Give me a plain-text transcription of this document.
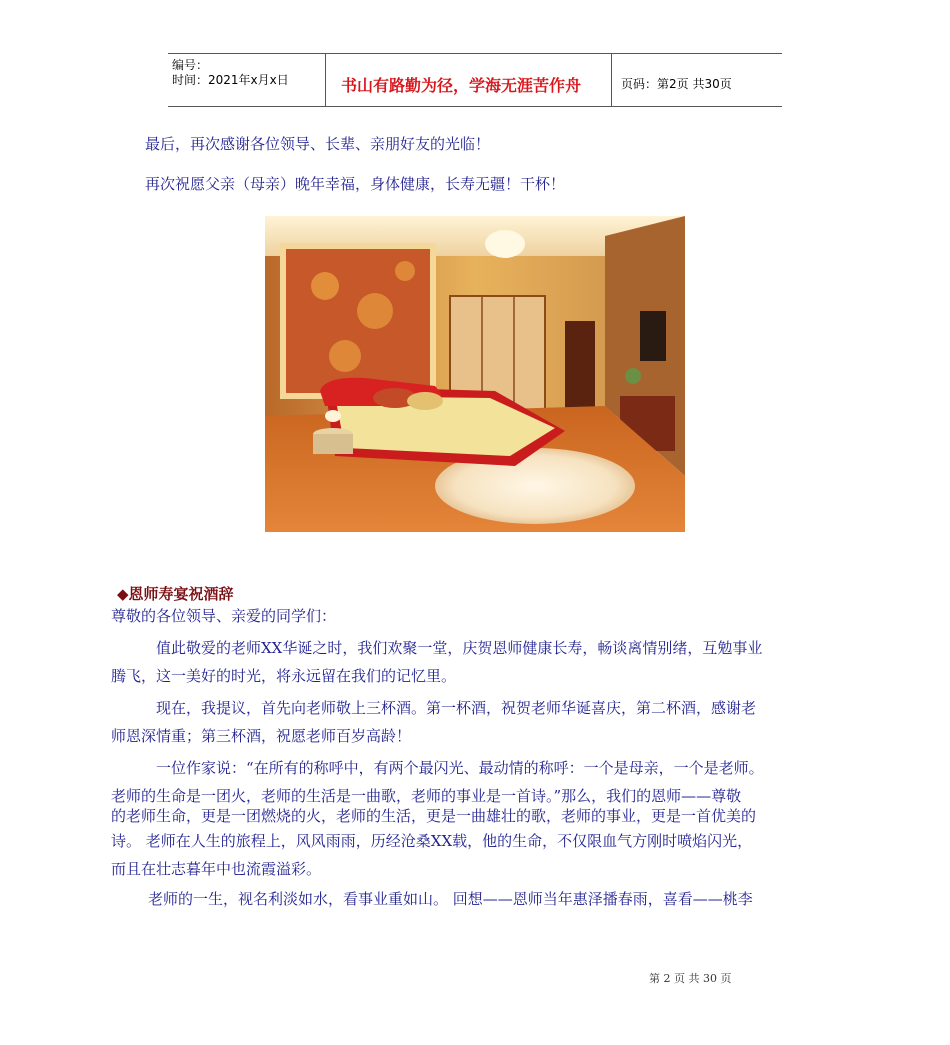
编号：
时间：2021年x月x日	书山有路勤为径，学海无涯苦作舟	页码：第2页 共30页
最后，再次感谢各位领导、长辈、亲朋好友的光临！
再次祝愿父亲（母亲）晚年幸福，身体健康，长寿无疆！干杯！
◆恩师寿宴祝酒辞
尊敬的各位领导、亲爱的同学们：
值此敬爱的老师XX华诞之时，我们欢聚一堂，庆贺恩师健康长寿，畅谈离情别绪，互勉事业
腾飞，这一美好的时光，将永远留在我们的记忆里。
现在，我提议，首先向老师敬上三杯酒。第一杯酒，祝贺老师华诞喜庆，第二杯酒，感谢老
师恩深情重；第三杯酒，祝愿老师百岁高龄！
一位作家说：“在所有的称呼中，有两个最闪光、最动情的称呼：一个是母亲，一个是老师。
老师的生命是一团火，老师的生活是一曲歌，老师的事业是一首诗。”那么，我们的恩师——尊敬
的老师生命，更是一团燃烧的火，老师的生活，更是一曲雄壮的歌，老师的事业，更是一首优美的
诗。 老师在人生的旅程上，风风雨雨，历经沧桑XX载，他的生命，不仅限血气方刚时喷焰闪光，
而且在壮志暮年中也流霞溢彩。
老师的一生，视名利淡如水，看事业重如山。 回想——恩师当年惠泽播春雨，喜看——桃李
第 2 页 共 30 页
